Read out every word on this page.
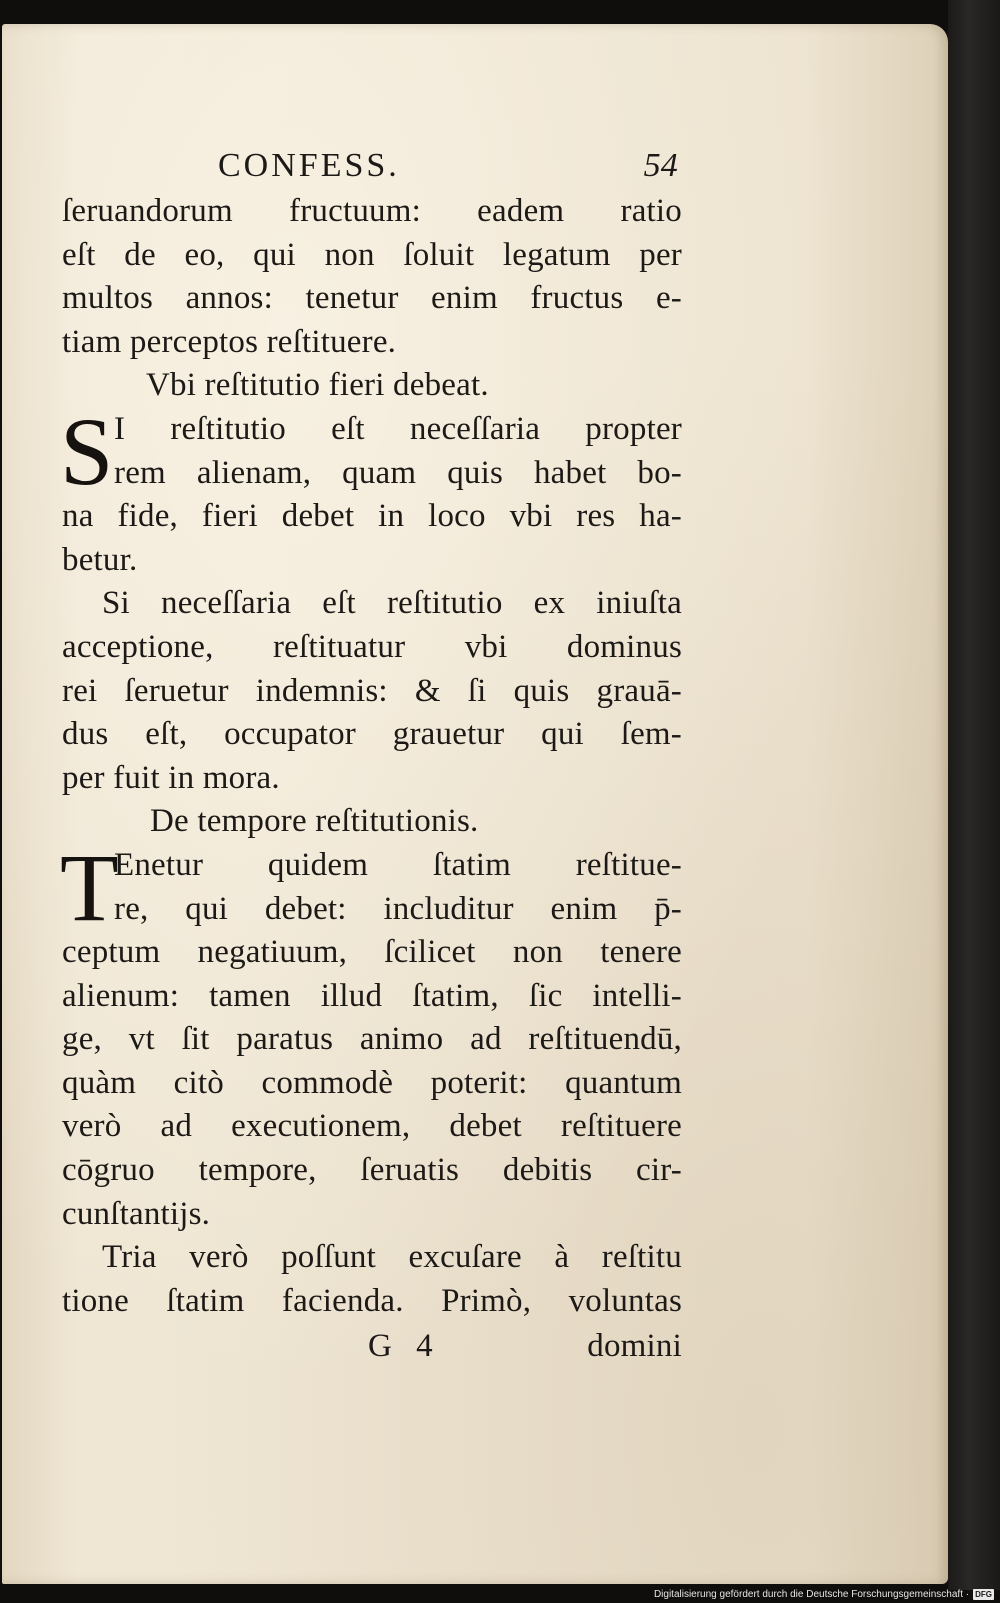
CONFESS.	54
ſeruandorum fructuum: eadem ratio
eſt de eo, qui non ſoluit legatum per
multos annos: tenetur enim fructus e-
tiam perceptos reſtituere.
Vbi reſtitutio fieri debeat.
S I reſtitutio eſt neceſſaria propter
rem alienam, quam quis habet bo-
na fide, fieri debet in loco vbi res ha-
betur.
Si neceſſaria eſt reſtitutio ex iniuſta
acceptione, reſtituatur vbi dominus
rei ſeruetur indemnis: & ſi quis grauā-
dus eſt, occupator grauetur qui ſem-
per fuit in mora.
De tempore reſtitutionis.
T
Enetur quidem ſtatim reſtitue-
re, qui debet: includitur enim p̄-
ceptum negatiuum, ſcilicet non tenere
alienum: tamen illud ſtatim, ſic intelli-
ge, vt ſit paratus animo ad reſtituendū,
quàm citò commodè poterit: quantum
verò ad executionem, debet reſtituere
cōgruo tempore, ſeruatis debitis cir-
cunſtantijs.
Tria verò poſſunt excuſare à reſtitu
tione ſtatim facienda. Primò, voluntas
G 4	domini
Digitalisierung gefördert durch die Deutsche Forschungsgemeinschaft · DFG
